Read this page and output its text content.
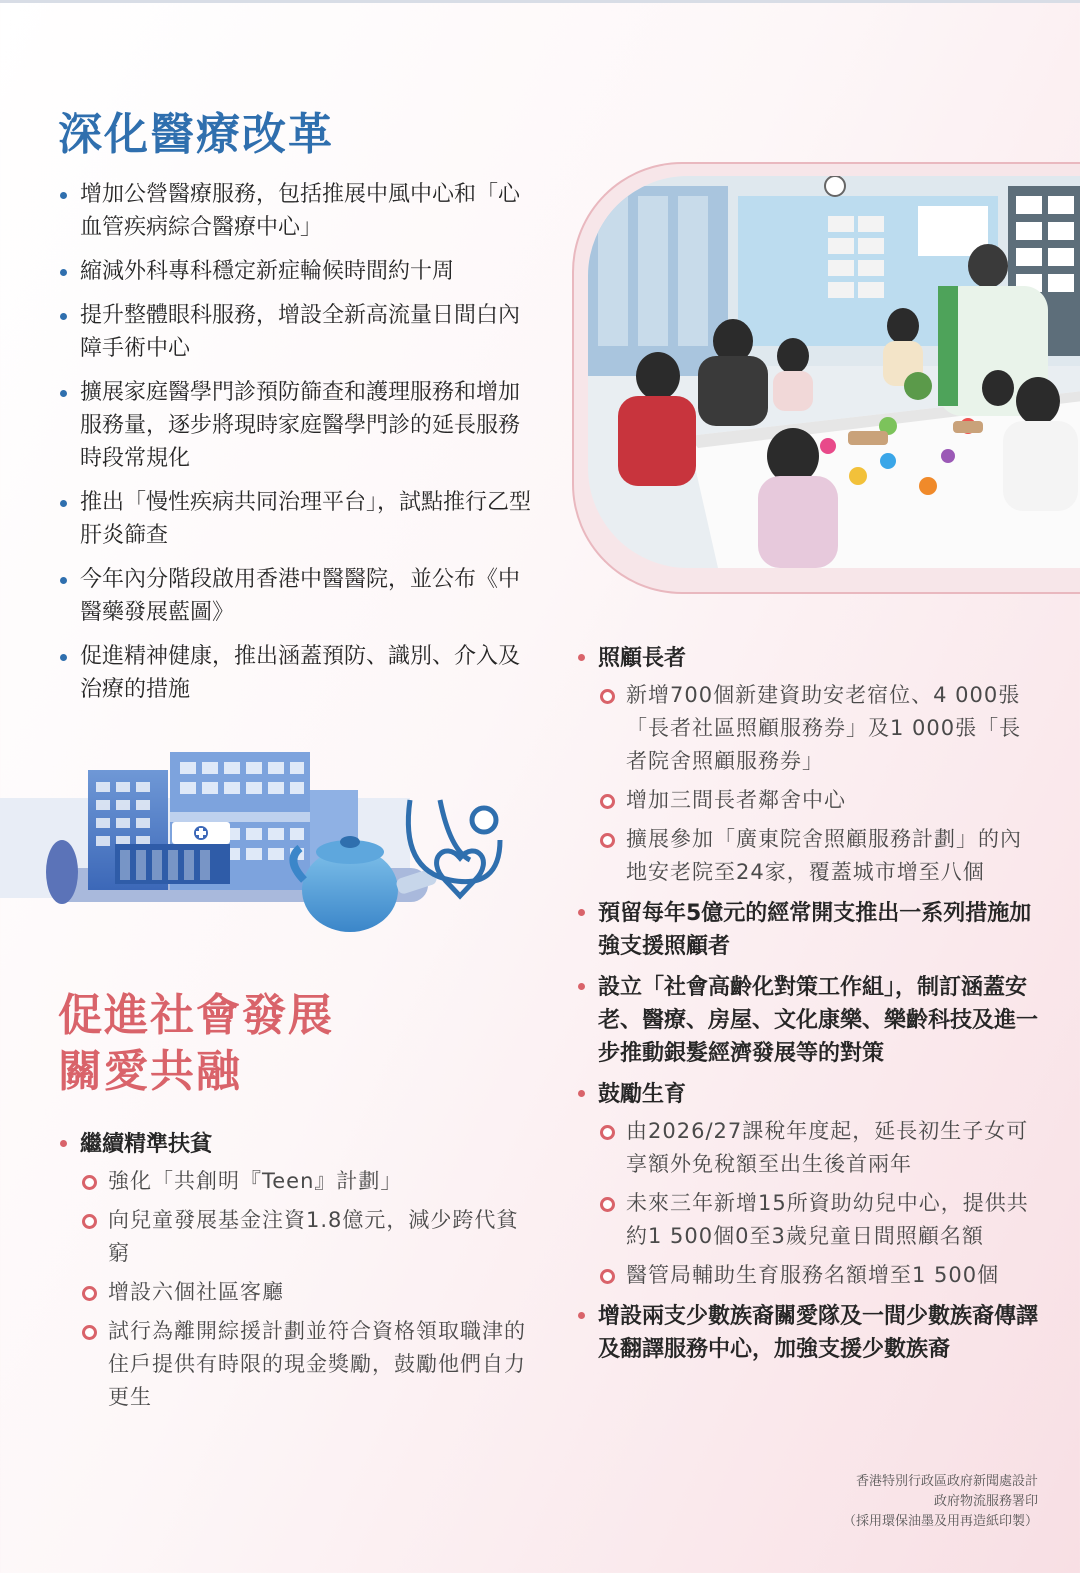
深化醫療改革
增加公營醫療服務，包括推展中風中心和「心血管疾病綜合醫療中心」
縮減外科專科穩定新症輪候時間約十周
提升整體眼科服務，增設全新高流量日間白內障手術中心
擴展家庭醫學門診預防篩查和護理服務和增加服務量，逐步將現時家庭醫學門診的延長服務時段常規化
推出「慢性疾病共同治理平台」，試點推行乙型肝炎篩查
今年內分階段啟用香港中醫醫院，並公布《中醫藥發展藍圖》
促進精神健康，推出涵蓋預防、識別、介入及治療的措施
促進社會發展
關愛共融
繼續精準扶貧
強化「共創明『Teen』計劃」
向兒童發展基金注資1.8億元，減少跨代貧窮
增設六個社區客廳
試行為離開綜援計劃並符合資格領取職津的住戶提供有時限的現金獎勵，鼓勵他們自力更生
照顧長者
新增700個新建資助安老宿位、4 000張「長者社區照顧服務券」及1 000張「長者院舍照顧服務券」
增加三間長者鄰舍中心
擴展參加「廣東院舍照顧服務計劃」的內地安老院至24家，覆蓋城市增至八個
預留每年5億元的經常開支推出一系列措施加強支援照顧者
設立「社會高齡化對策工作組」，制訂涵蓋安老、醫療、房屋、文化康樂、樂齡科技及進一步推動銀髮經濟發展等的對策
鼓勵生育
由2026/27課稅年度起，延長初生子女可享額外免稅額至出生後首兩年
未來三年新增15所資助幼兒中心，提供共約1 500個0至3歲兒童日間照顧名額
醫管局輔助生育服務名額增至1 500個
增設兩支少數族裔關愛隊及一間少數族裔傳譯及翻譯服務中心，加強支援少數族裔
香港特別行政區政府新聞處設計
政府物流服務署印
（採用環保油墨及用再造紙印製）
